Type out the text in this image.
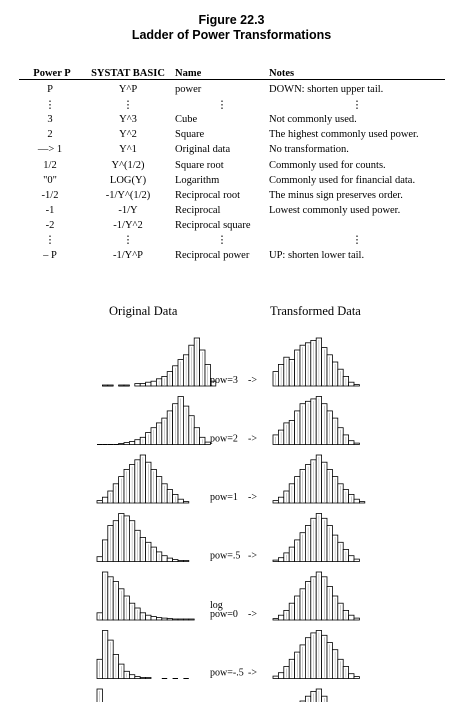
Figure 22.3
Ladder of Power Transformations
Power P	SYSTAT BASIC	Name	Notes
P	Y^P	power	DOWN: shorten upper tail.
⋮	⋮	⋮	⋮
3	Y^3	Cube	Not commonly used.
2	Y^2	Square	The highest commonly used power.
—> 1	Y^1	Original data	No transformation.
1/2	Y^(1/2)	Square root	Commonly used for counts.
"0"	LOG(Y)	Logarithm	Commonly used for financial data.
-1/2	-1/Y^(1/2)	Reciprocal root	The minus sign preserves order.
-1	-1/Y	Reciprocal	Lowest commonly used power.
-2	-1/Y^2	Reciprocal square	
⋮	⋮	⋮	⋮
– P	-1/Y^P	Reciprocal power	UP: shorten lower tail.
Original Data	Transformed Data
pow=3 ->
pow=2 ->
pow=1 ->
pow=.5 ->
log
pow=0 ->
pow=-.5 ->
